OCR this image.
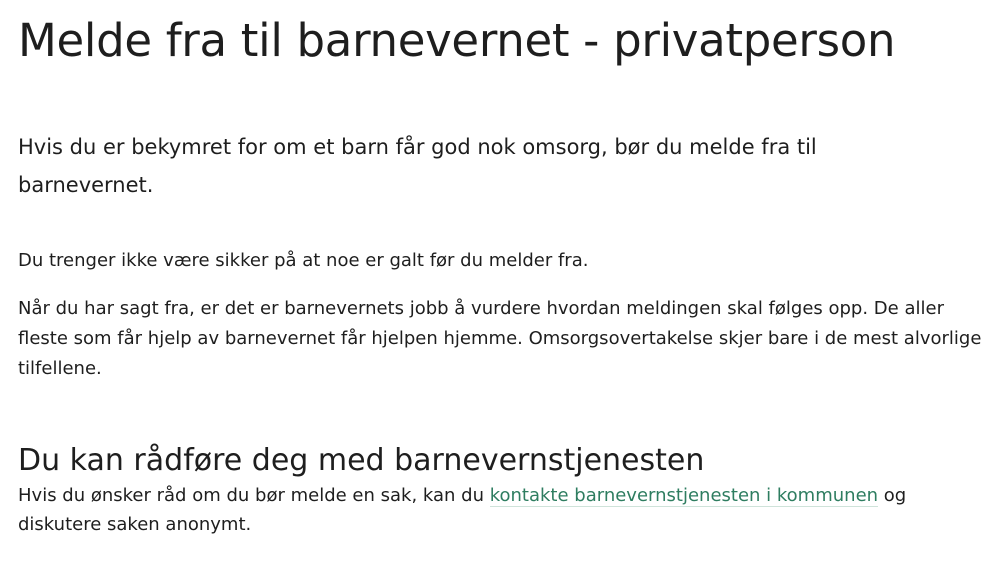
Melde fra til barnevernet - privatperson

Hvis du er bekymret for om et barn får god nok omsorg, bør du melde fra til barnevernet.

Du trenger ikke være sikker på at noe er galt før du melder fra.

Når du har sagt fra, er det er barnevernets jobb å vurdere hvordan meldingen skal følges opp. De aller fleste som får hjelp av barnevernet får hjelpen hjemme. Omsorgsovertakelse skjer bare i de mest alvorlige tilfellene.

Du kan rådføre deg med barnevernstjenesten

Hvis du ønsker råd om du bør melde en sak, kan du kontakte barnevernstjenesten i kommunen og diskutere saken anonymt.
